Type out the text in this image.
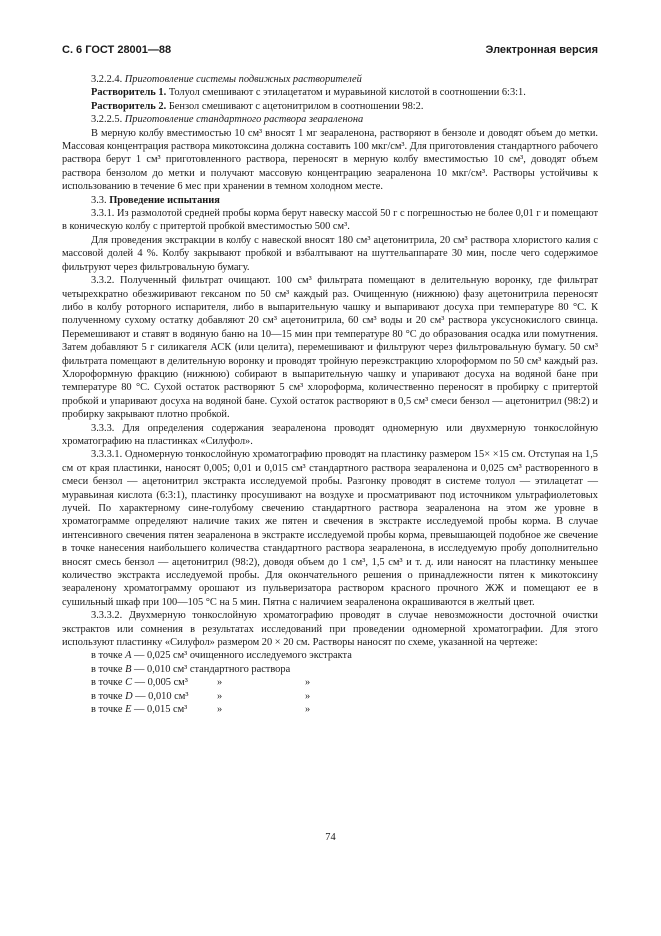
С. 6 ГОСТ 28001—88	Электронная версия

3.2.2.4. Приготовление системы подвижных растворителей

Растворитель 1. Толуол смешивают с этилацетатом и муравьиной кислотой в соотношении 6:3:1.

Растворитель 2. Бензол смешивают с ацетонитрилом в соотношении 98:2.

3.2.2.5. Приготовление стандартного раствора зеараленона

В мерную колбу вместимостью 10 см³ вносят 1 мг зеараленона, растворяют в бензоле и доводят объем до метки. Массовая концентрация раствора микотоксина должна составить 100 мкг/см³. Для приготовления стандартного рабочего раствора берут 1 см³ приготовленного раствора, переносят в мерную колбу вместимостью 10 см³, доводят объем раствора бензолом до метки и получают массовую концентрацию зеараленона 10 мкг/см³. Растворы устойчивы к использованию в течение 6 мес при хранении в темном холодном месте.

3.3. Проведение испытания

3.3.1. Из размолотой средней пробы корма берут навеску массой 50 г с погрешностью не более 0,01 г и помещают в коническую колбу с притертой пробкой вместимостью 500 см³.

Для проведения экстракции в колбу с навеской вносят 180 см³ ацетонитрила, 20 см³ раствора хлористого калия с массовой долей 4 %. Колбу закрывают пробкой и взбалтывают на шуттельаппарате 30 мин, после чего содержимое фильтруют через фильтровальную бумагу.

3.3.2. Полученный фильтрат очищают. 100 см³ фильтрата помещают в делительную воронку, где фильтрат четырехкратно обезжиривают гексаном по 50 см³ каждый раз. Очищенную (нижнюю) фазу ацетонитрила переносят либо в колбу роторного испарителя, либо в выпарительную чашку и выпаривают досуха при температуре 80 °С. К полученному сухому остатку добавляют 20 см³ ацетонитрила, 60 см³ воды и 20 см³ раствора уксуснокислого свинца. Перемешивают и ставят в водяную баню на 10—15 мин при температуре 80 °С до образования осадка или помутнения. Затем добавляют 5 г силикагеля АСК (или целита), перемешивают и фильтруют через фильтровальную бумагу. 50 см³ фильтрата помещают в делительную воронку и проводят тройную переэкстракцию хлороформом по 50 см³ каждый раз. Хлороформную фракцию (нижнюю) собирают в выпарительную чашку и упаривают досуха на водяной бане при температуре 80 °С. Сухой остаток растворяют 5 см³ хлороформа, количественно переносят в пробирку с притертой пробкой и упаривают досуха на водяной бане. Сухой остаток растворяют в 0,5 см³ смеси бензол — ацетонитрил (98:2) и пробирку закрывают плотно пробкой.

3.3.3. Для определения содержания зеараленона проводят одномерную или двухмерную тонкослойную хроматографию на пластинках «Силуфол».

3.3.3.1. Одномерную тонкослойную хроматографию проводят на пластинку размером 15× ×15 см. Отступая на 1,5 см от края пластинки, наносят 0,005; 0,01 и 0,015 см³ стандартного раствора зеараленона и 0,025 см³ растворенного в смеси бензол — ацетонитрил экстракта исследуемой пробы. Разгонку проводят в системе толуол — этилацетат — муравьиная кислота (6:3:1), пластинку просушивают на воздухе и просматривают под источником ультрафиолетовых лучей. По характерному сине-голубому свечению стандартного раствора зеараленона на этом же уровне в хроматограмме определяют наличие таких же пятен и свечения в экстракте исследуемой пробы корма. В случае интенсивного свечения пятен зеараленона в экстракте исследуемой пробы корма, превышающей подобное же свечение в точке нанесения наибольшего количества стандартного раствора зеараленона, в исследуемую пробу дополнительно вносят смесь бензол — ацетонитрил (98:2), доводя объем до 1 см³, 1,5 см³ и т. д. или наносят на пластинку меньшее количество экстракта исследуемой пробы. Для окончательного решения о принадлежности пятен к микотоксину зеараленону хроматограмму орошают из пульверизатора раствором красного прочного ЖЖ и помещают ее в сушильный шкаф при 100—105 °С на 5 мин. Пятна с наличием зеараленона окрашиваются в желтый цвет.

3.3.3.2. Двухмерную тонкослойную хроматографию проводят в случае невозможности досточной очистки экстрактов или сомнения в результатах исследований при проведении одномерной хроматографии. Для этого используют пластинку «Силуфол» размером 20 × 20 см. Растворы наносят по схеме, указанной на чертеже:

в точке A — 0,025 см³ очищенного исследуемого экстракта
в точке B — 0,010 см³ стандартного раствора
в точке C — 0,005 см³	»	»
в точке D — 0,010 см³	»	»
в точке E — 0,015 см³	»	»
74
